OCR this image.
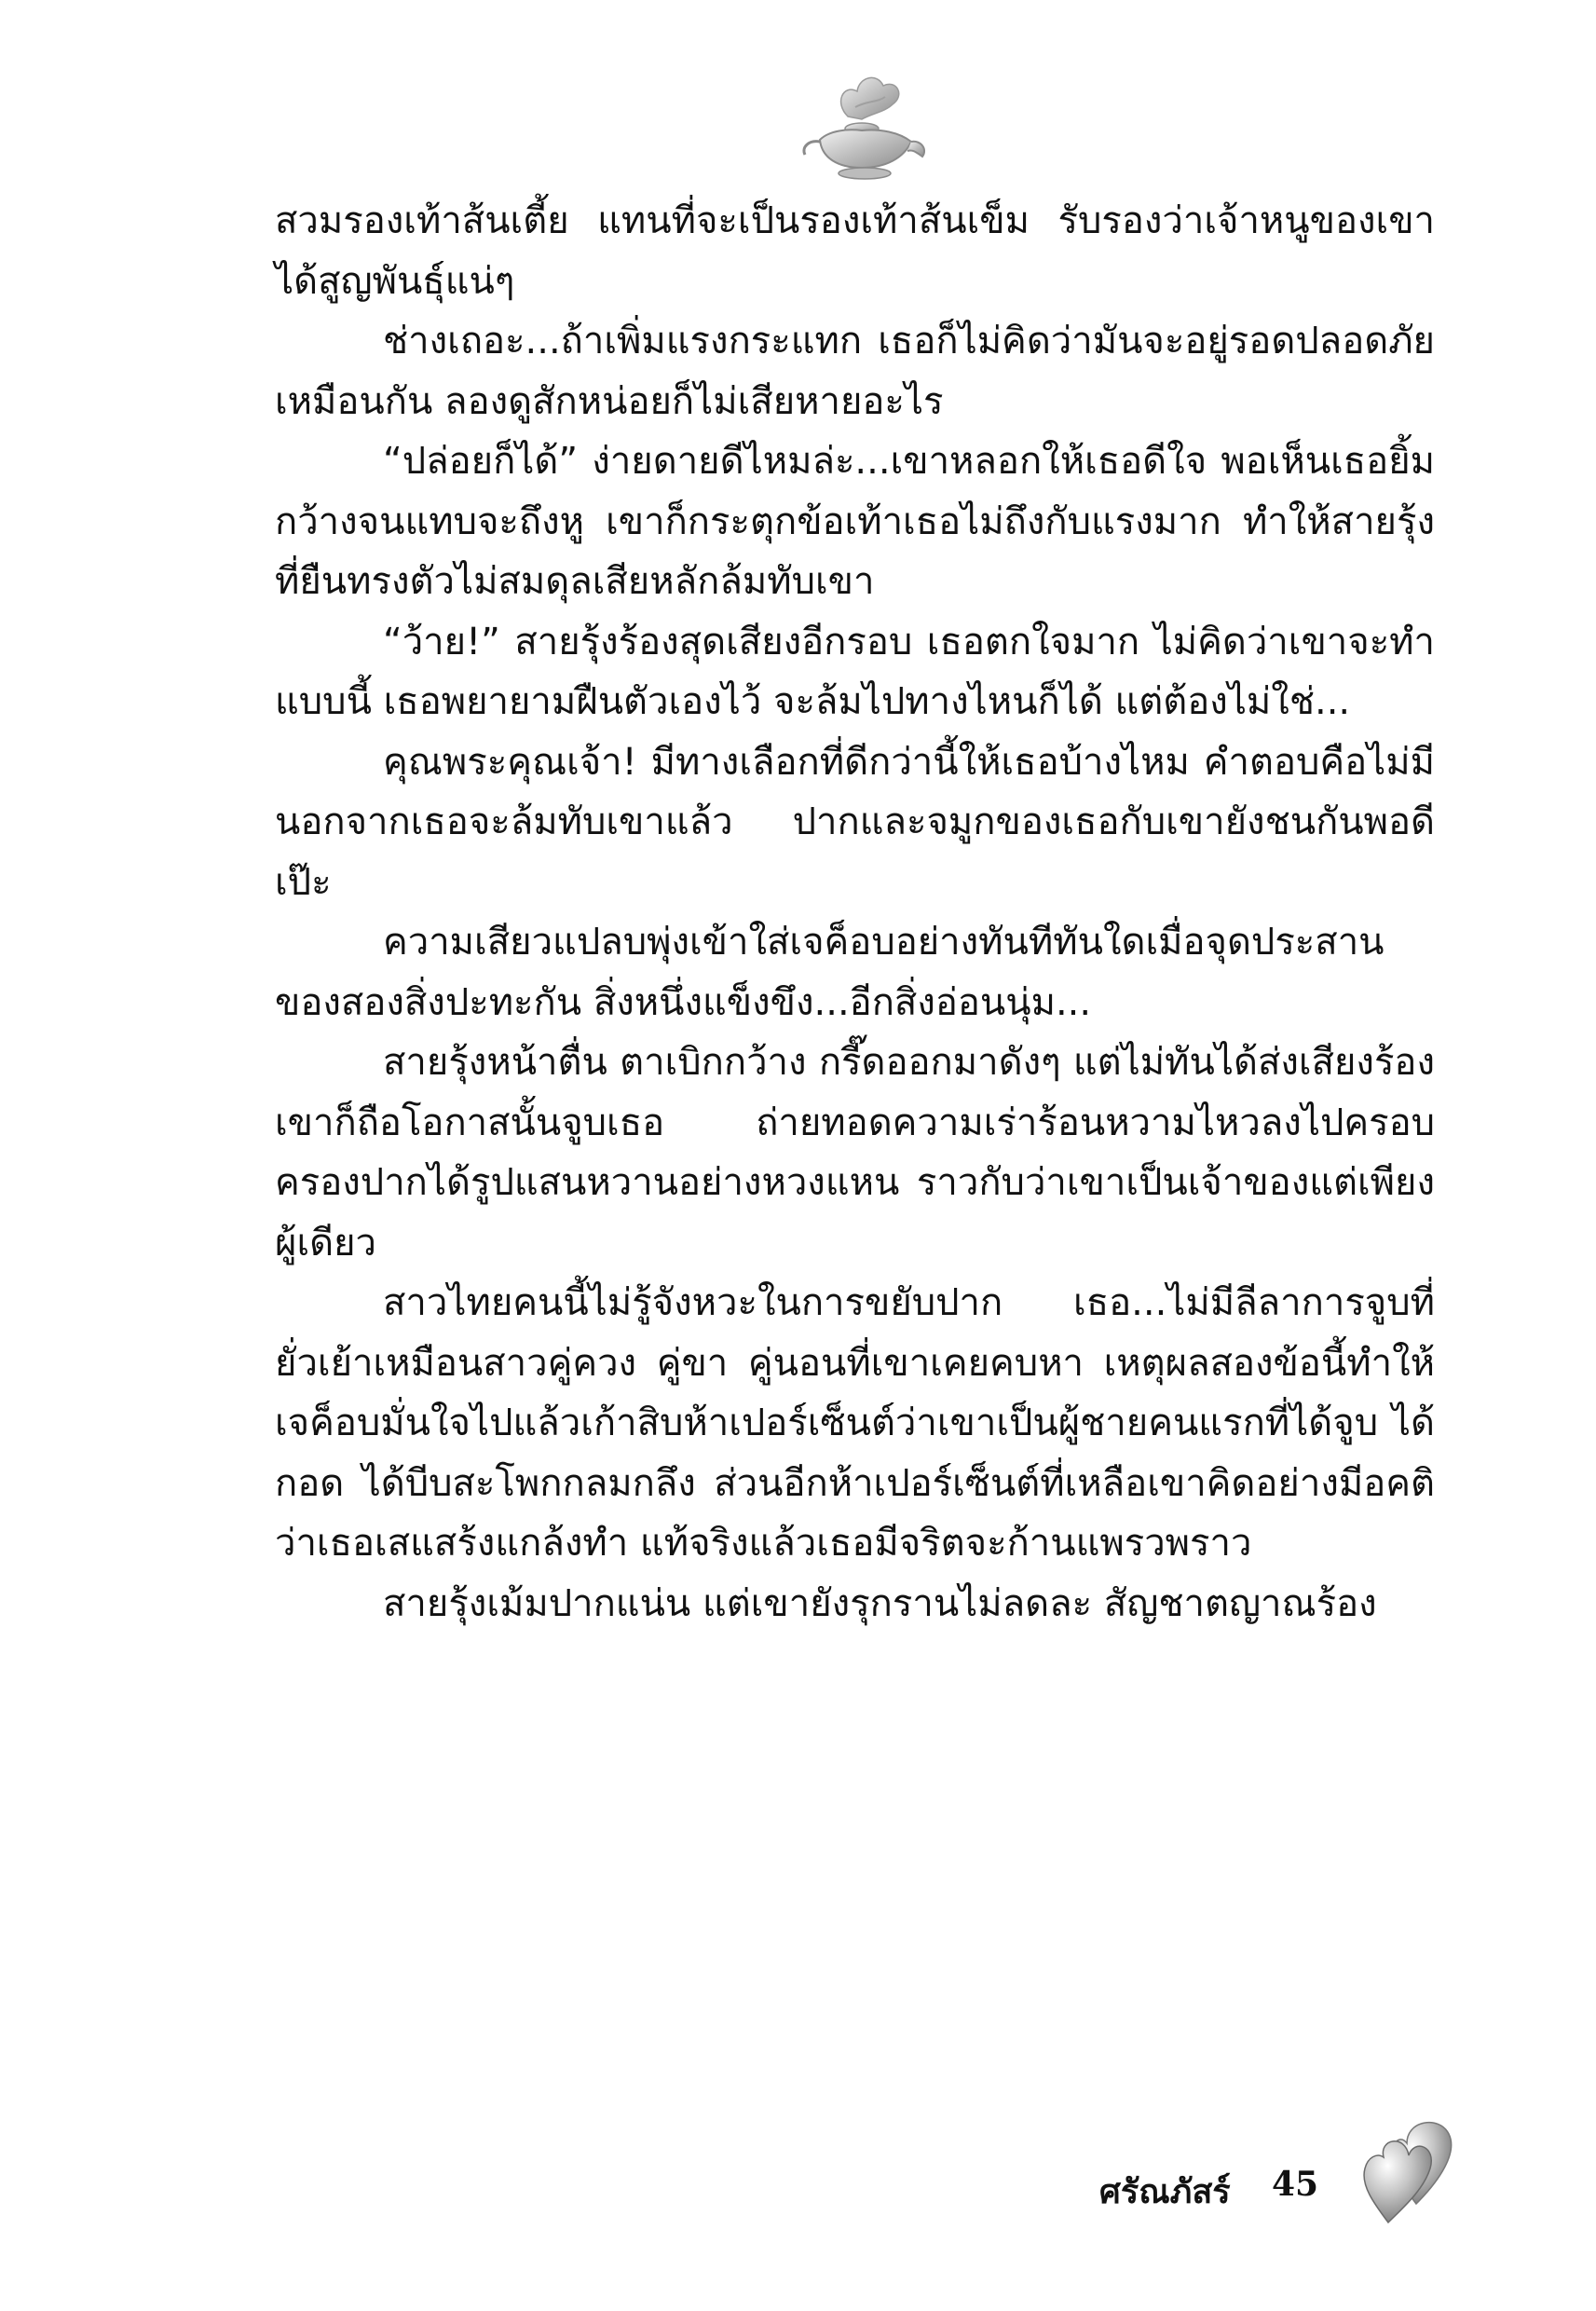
สวมรองเท้าส้นเตี้ย แทนที่จะเป็นรองเท้าส้นเข็ม รับรองว่าเจ้าหนูของเขาได้สูญพันธุ์แน่ๆ

ช่างเถอะ...ถ้าเพิ่มแรงกระแทก เธอก็ไม่คิดว่ามันจะอยู่รอดปลอดภัยเหมือนกัน ลองดูสักหน่อยก็ไม่เสียหายอะไร

“ปล่อยก็ได้” ง่ายดายดีไหมล่ะ...เขาหลอกให้เธอดีใจ พอเห็นเธอยิ้มกว้างจนแทบจะถึงหู เขาก็กระตุกข้อเท้าเธอไม่ถึงกับแรงมาก ทำให้สายรุ้งที่ยืนทรงตัวไม่สมดุลเสียหลักล้มทับเขา

“ว้าย!” สายรุ้งร้องสุดเสียงอีกรอบ เธอตกใจมาก ไม่คิดว่าเขาจะทำแบบนี้ เธอพยายามฝืนตัวเองไว้ จะล้มไปทางไหนก็ได้ แต่ต้องไม่ใช่...

คุณพระคุณเจ้า! มีทางเลือกที่ดีกว่านี้ให้เธอบ้างไหม คำตอบคือไม่มี นอกจากเธอจะล้มทับเขาแล้ว ปากและจมูกของเธอกับเขายังชนกันพอดีเป๊ะ

ความเสียวแปลบพุ่งเข้าใส่เจค็อบอย่างทันทีทันใดเมื่อจุดประสานของสองสิ่งปะทะกัน สิ่งหนึ่งแข็งขึง...อีกสิ่งอ่อนนุ่ม...

สายรุ้งหน้าตื่น ตาเบิกกว้าง กรี๊ดออกมาดังๆ แต่ไม่ทันได้ส่งเสียงร้อง เขาก็ถือโอกาสนั้นจูบเธอ ถ่ายทอดความเร่าร้อนหวามไหวลงไปครอบครองปากได้รูปแสนหวานอย่างหวงแหน ราวกับว่าเขาเป็นเจ้าของแต่เพียงผู้เดียว

สาวไทยคนนี้ไม่รู้จังหวะในการขยับปาก เธอ...ไม่มีลีลาการจูบที่ยั่วเย้าเหมือนสาวคู่ควง คู่ขา คู่นอนที่เขาเคยคบหา เหตุผลสองข้อนี้ทำให้เจค็อบมั่นใจไปแล้วเก้าสิบห้าเปอร์เซ็นต์ว่าเขาเป็นผู้ชายคนแรกที่ได้จูบ ได้กอด ได้บีบสะโพกกลมกลึง ส่วนอีกห้าเปอร์เซ็นต์ที่เหลือเขาคิดอย่างมีอคติว่าเธอเสแสร้งแกล้งทำ แท้จริงแล้วเธอมีจริตจะก้านแพรวพราว

สายรุ้งเม้มปากแน่น แต่เขายังรุกรานไม่ลดละ สัญชาตญาณร้อง

ศรัณภัสร์ 45
